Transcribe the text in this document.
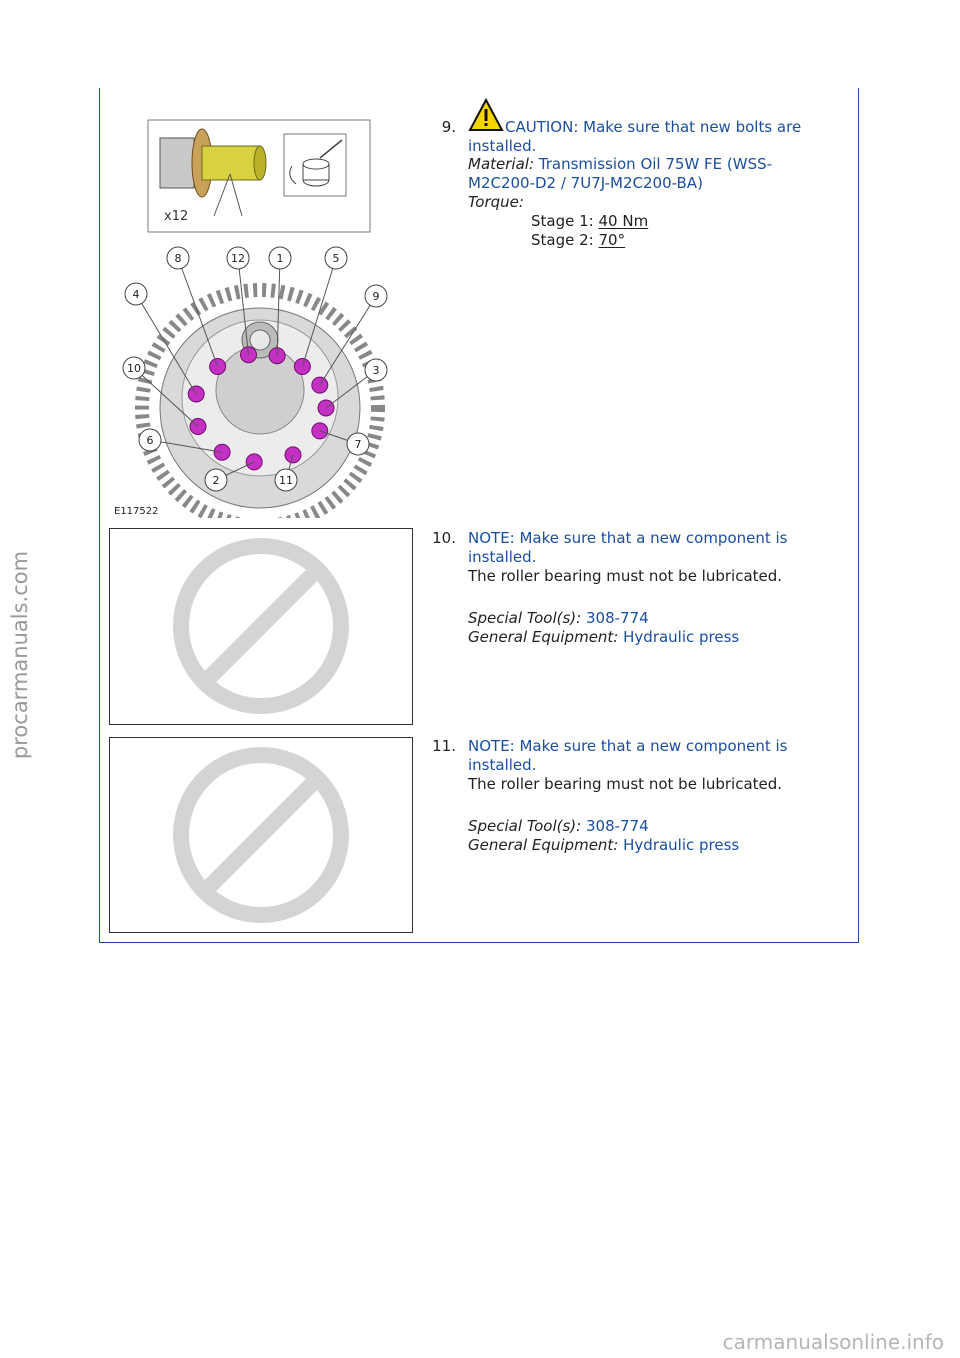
procarmanuals.com
x12
8	12	1	5
4	9
10	3
6	7
2	11
E117522
9.	CAUTION: Make sure that new bolts are
installed.
Material: Transmission Oil 75W FE (WSS-
M2C200-D2 / 7U7J-M2C200-BA)
Torque:
Stage 1: 40 Nm
Stage 2: 70°
10. NOTE: Make sure that a new component is
installed.
The roller bearing must not be lubricated.
Special Tool(s): 308-774
General Equipment: Hydraulic press
11. NOTE: Make sure that a new component is
installed.
The roller bearing must not be lubricated.
Special Tool(s): 308-774
General Equipment: Hydraulic press
carmanualsonline.info
